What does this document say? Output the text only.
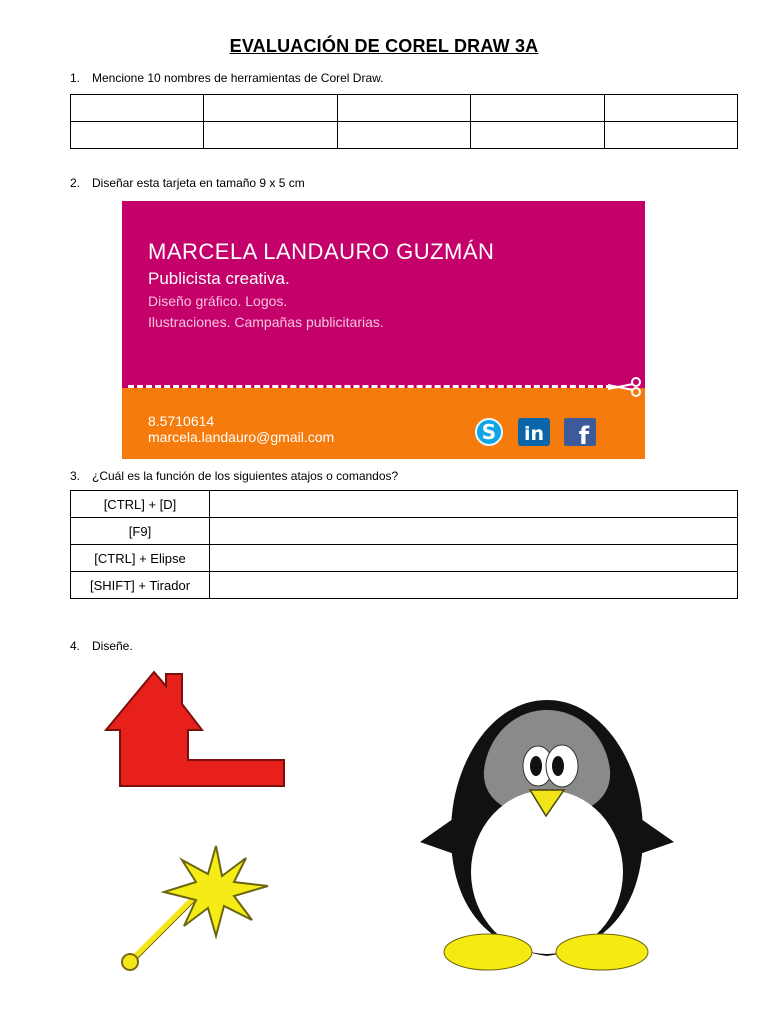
EVALUACIÓN DE COREL DRAW 3A
1. Mencione 10 nombres de herramientas de Corel Draw.

2. Diseñar esta tarjeta en tamaño 9 x 5 cm
MARCELA LANDAURO GUZMÁN
Publicista creativa.
Diseño gráfico. Logos.
Ilustraciones. Campañas publicitarias.
8.5710614
marcela.landauro@gmail.com	S in f
3. ¿Cuál es la función de los siguientes atajos o comandos?
[CTRL] + [D]	
[F9]	
[CTRL] + Elipse	
[SHIFT] + Tirador	
4. Diseñe.
